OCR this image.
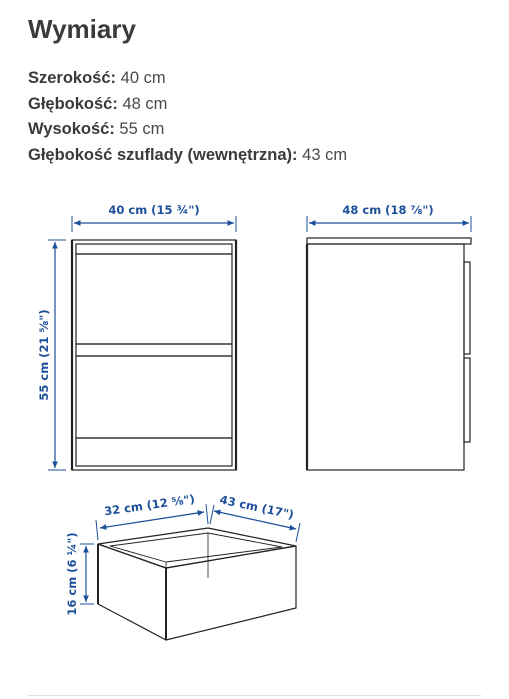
Wymiary
Szerokość: 40 cm
Głębokość: 48 cm
Wysokość: 55 cm
Głębokość szuflady (wewnętrzna): 43 cm
40 cm (15 ¾")
55 cm (21 ⅝")
48 cm (18 ⅞")
32 cm (12 ⅝") 43 cm (17")
16 cm (6 ¼")
